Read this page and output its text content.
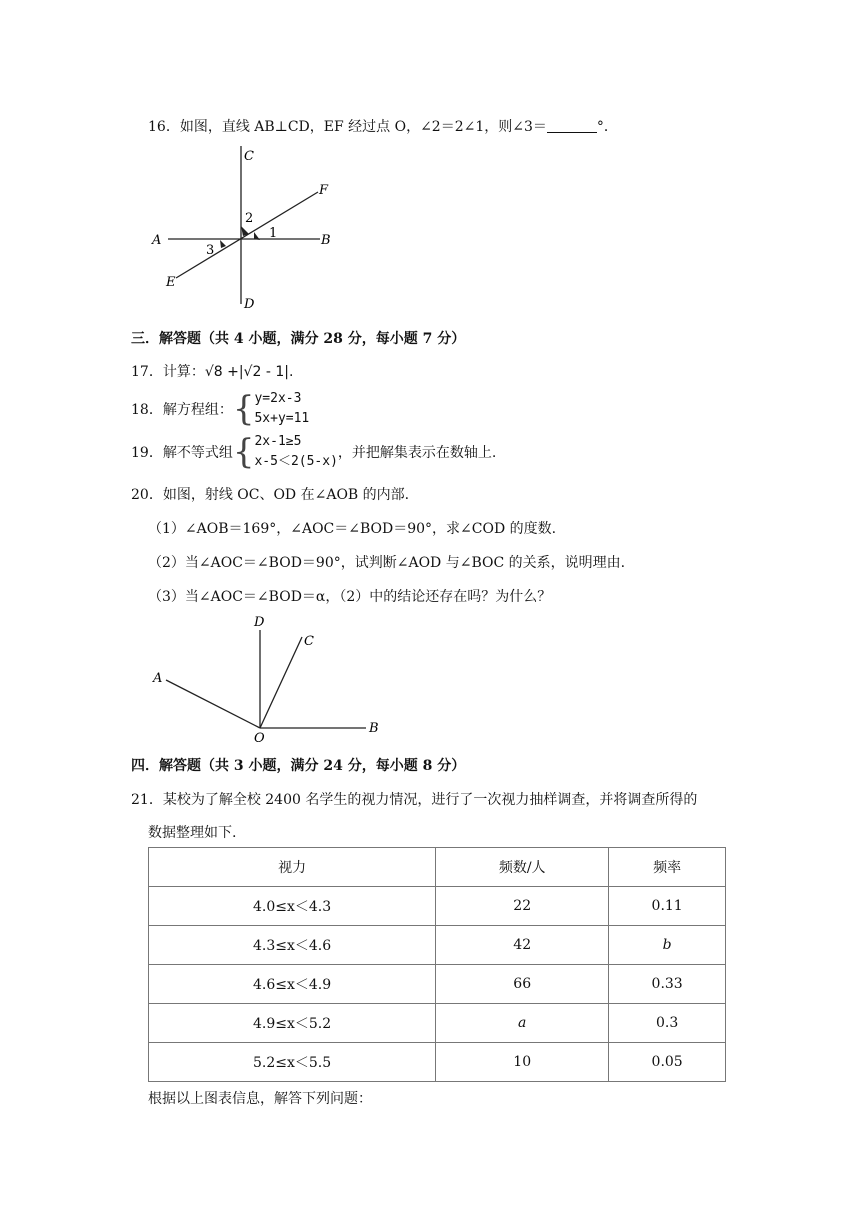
16．如图，直线 AB⊥CD，EF 经过点 O，∠2＝2∠1，则∠3＝	°．
C
D
A	B
E
F
2
1
3
三．解答题（共 4 小题，满分 28 分，每小题 7 分）
17．计算：√8 +|√2 - 1|.
18．解方程组：{y=2x-3
5x+y=11
19．解不等式组{2x-1≥5
x-5＜2(5-x)，并把解集表示在数轴上.
20．如图，射线 OC、OD 在∠AOB 的内部.
（1）∠AOB＝169°，∠AOC＝∠BOD＝90°，求∠COD 的度数.
（2）当∠AOC＝∠BOD＝90°，试判断∠AOD 与∠BOC 的关系，说明理由.
（3）当∠AOC＝∠BOD＝α，（2）中的结论还存在吗？为什么？
D
C
A
O
B
四．解答题（共 3 小题，满分 24 分，每小题 8 分）
21．某校为了解全校 2400 名学生的视力情况，进行了一次视力抽样调查，并将调查所得的
数据整理如下.
视力	频数/人	频率
4.0≤x＜4.3	22	0.11
4.3≤x＜4.6	42	b
4.6≤x＜4.9	66	0.33
4.9≤x＜5.2	a	0.3
5.2≤x＜5.5	10	0.05
根据以上图表信息，解答下列问题：
